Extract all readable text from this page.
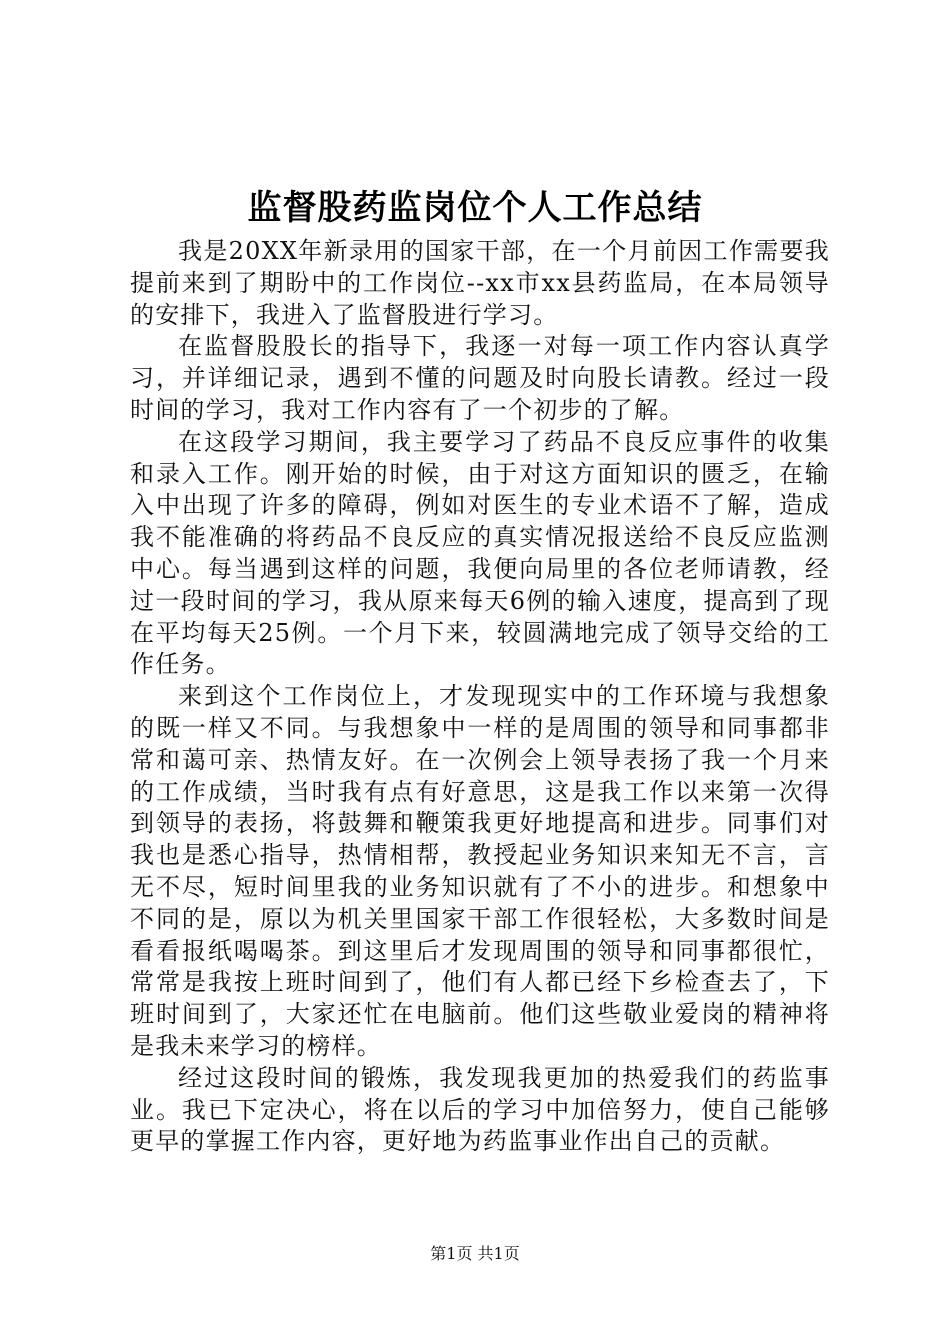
监督股药监岗位个人工作总结

我是20XX年新录用的国家干部，在一个月前因工作需要我提前来到了期盼中的工作岗位--xx市xx县药监局，在本局领导的安排下，我进入了监督股进行学习。

在监督股股长的指导下，我逐一对每一项工作内容认真学习，并详细记录，遇到不懂的问题及时向股长请教。经过一段时间的学习，我对工作内容有了一个初步的了解。

在这段学习期间，我主要学习了药品不良反应事件的收集和录入工作。刚开始的时候，由于对这方面知识的匮乏，在输入中出现了许多的障碍，例如对医生的专业术语不了解，造成我不能准确的将药品不良反应的真实情况报送给不良反应监测中心。每当遇到这样的问题，我便向局里的各位老师请教，经过一段时间的学习，我从原来每天6例的输入速度，提高到了现在平均每天25例。一个月下来，较圆满地完成了领导交给的工作任务。

来到这个工作岗位上，才发现现实中的工作环境与我想象的既一样又不同。与我想象中一样的是周围的领导和同事都非常和蔼可亲、热情友好。在一次例会上领导表扬了我一个月来的工作成绩，当时我有点有好意思，这是我工作以来第一次得到领导的表扬，将鼓舞和鞭策我更好地提高和进步。同事们对我也是悉心指导，热情相帮，教授起业务知识来知无不言，言无不尽，短时间里我的业务知识就有了不小的进步。和想象中不同的是，原以为机关里国家干部工作很轻松，大多数时间是看看报纸喝喝茶。到这里后才发现周围的领导和同事都很忙，常常是我按上班时间到了，他们有人都已经下乡检查去了，下班时间到了，大家还忙在电脑前。他们这些敬业爱岗的精神将是我未来学习的榜样。

经过这段时间的锻炼，我发现我更加的热爱我们的药监事业。我已下定决心，将在以后的学习中加倍努力，使自己能够更早的掌握工作内容，更好地为药监事业作出自己的贡献。

第1页 共1页
